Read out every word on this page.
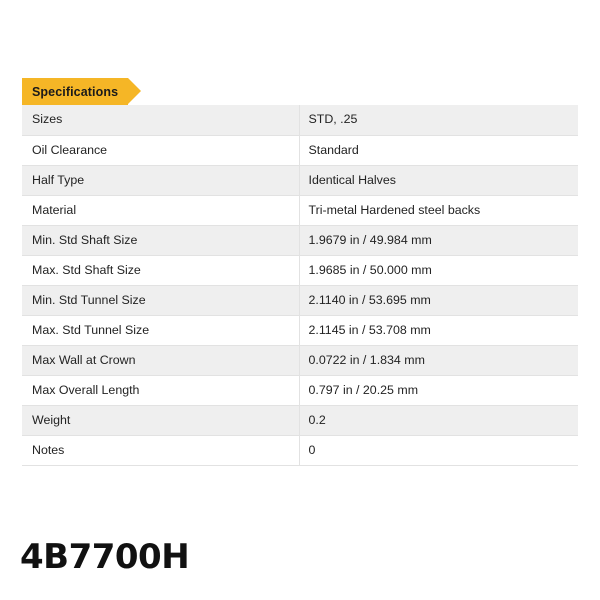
Specifications
Sizes	STD, .25
Oil Clearance	Standard
Half Type	Identical Halves
Material	Tri-metal Hardened steel backs
Min. Std Shaft Size	1.9679 in / 49.984 mm
Max. Std Shaft Size	1.9685 in / 50.000 mm
Min. Std Tunnel Size	2.1140 in / 53.695 mm
Max. Std Tunnel Size	2.1145 in / 53.708 mm
Max Wall at Crown	0.0722 in / 1.834 mm
Max Overall Length	0.797 in / 20.25 mm
Weight	0.2
Notes	0
4B7700H
